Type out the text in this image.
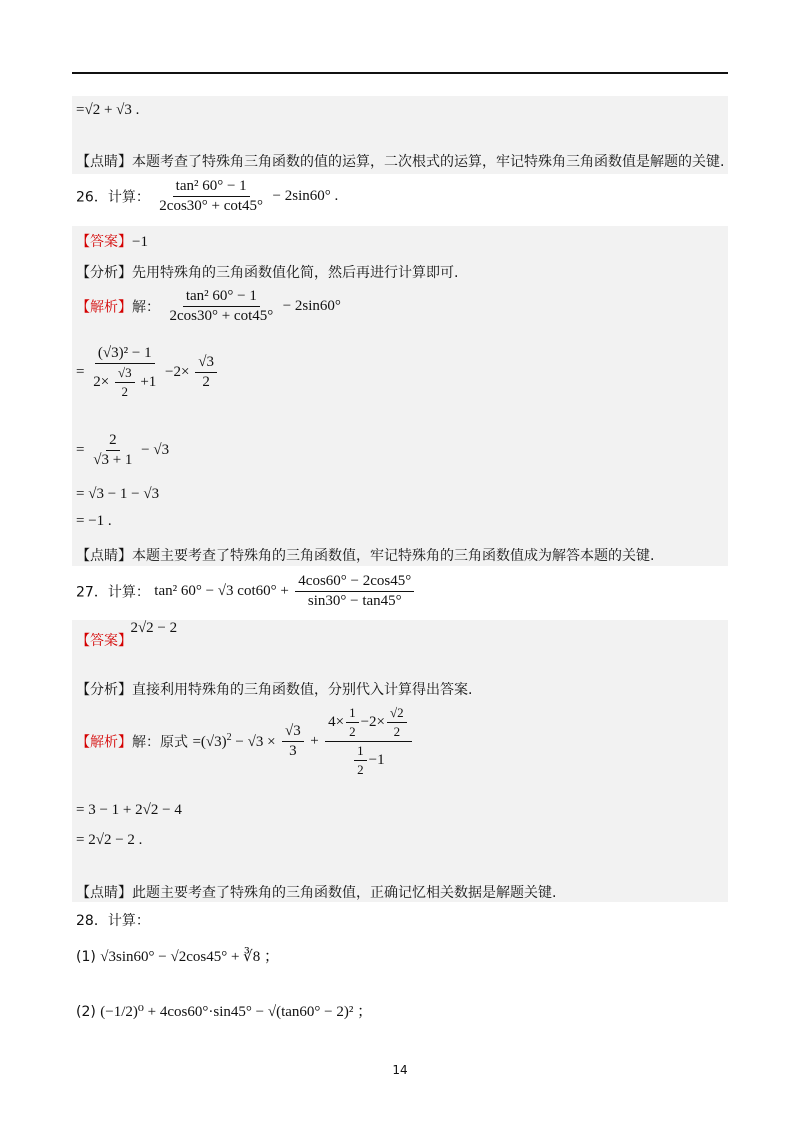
=√2 + √3 .
【点睛】本题考查了特殊角三角函数的值的运算，二次根式的运算，牢记特殊角三角函数值是解题的关键.
26．计算： $\frac{\text{tan² 60° − 1}}{2\cos 30^\circ + \cot 45^\circ} - 2\sin 60^\circ$ .
【答案】−1
【分析】先用特殊角的三角函数值化简，然后再进行计算即可.
【解析】解： $\frac{\text{tan² 60° − 1}}{2\cos 30^\circ + \cot 45^\circ} - 2\sin 60^\circ$
= $\frac{\text{(√3)² − 1}}{2\times \frac{√3}{2} +1} -2\times \frac{√3}{2}$
= $\frac{2}{√3 + 1} - √3$
= √3 − 1 − √3
= −1 .
【点睛】本题主要考查了特殊角的三角函数值，牢记特殊角的三角函数值成为解答本题的关键.
27．计算： tan² 60° − √3 $\cot 60^\circ + \frac{4\cos 60^\circ - 2\cos 45^\circ}{\sin 30^\circ - \tan 45^\circ}$
【答案】 2√2 − 2
【分析】直接利用特殊角的三角函数值，分别代入计算得出答案.
【解析】解：原式 $=(√3)^2 - √3 \times \frac{√3}{3} + \frac{4\times \frac{1}{2} -2\times \frac{√2}{2}}{\frac{1}{2} -1}$
= 3 − 1 + 2√2 − 4
= 2√2 − 2 .
【点睛】此题主要考查了特殊角的三角函数值，正确记忆相关数据是解题关键.
28．计算：
(1) √3sin60° − √2cos45° + ∛8 ；
(2) (−1/2)⁰ + 4cos60°·sin45° − √(tan60° − 2)² ；
14
